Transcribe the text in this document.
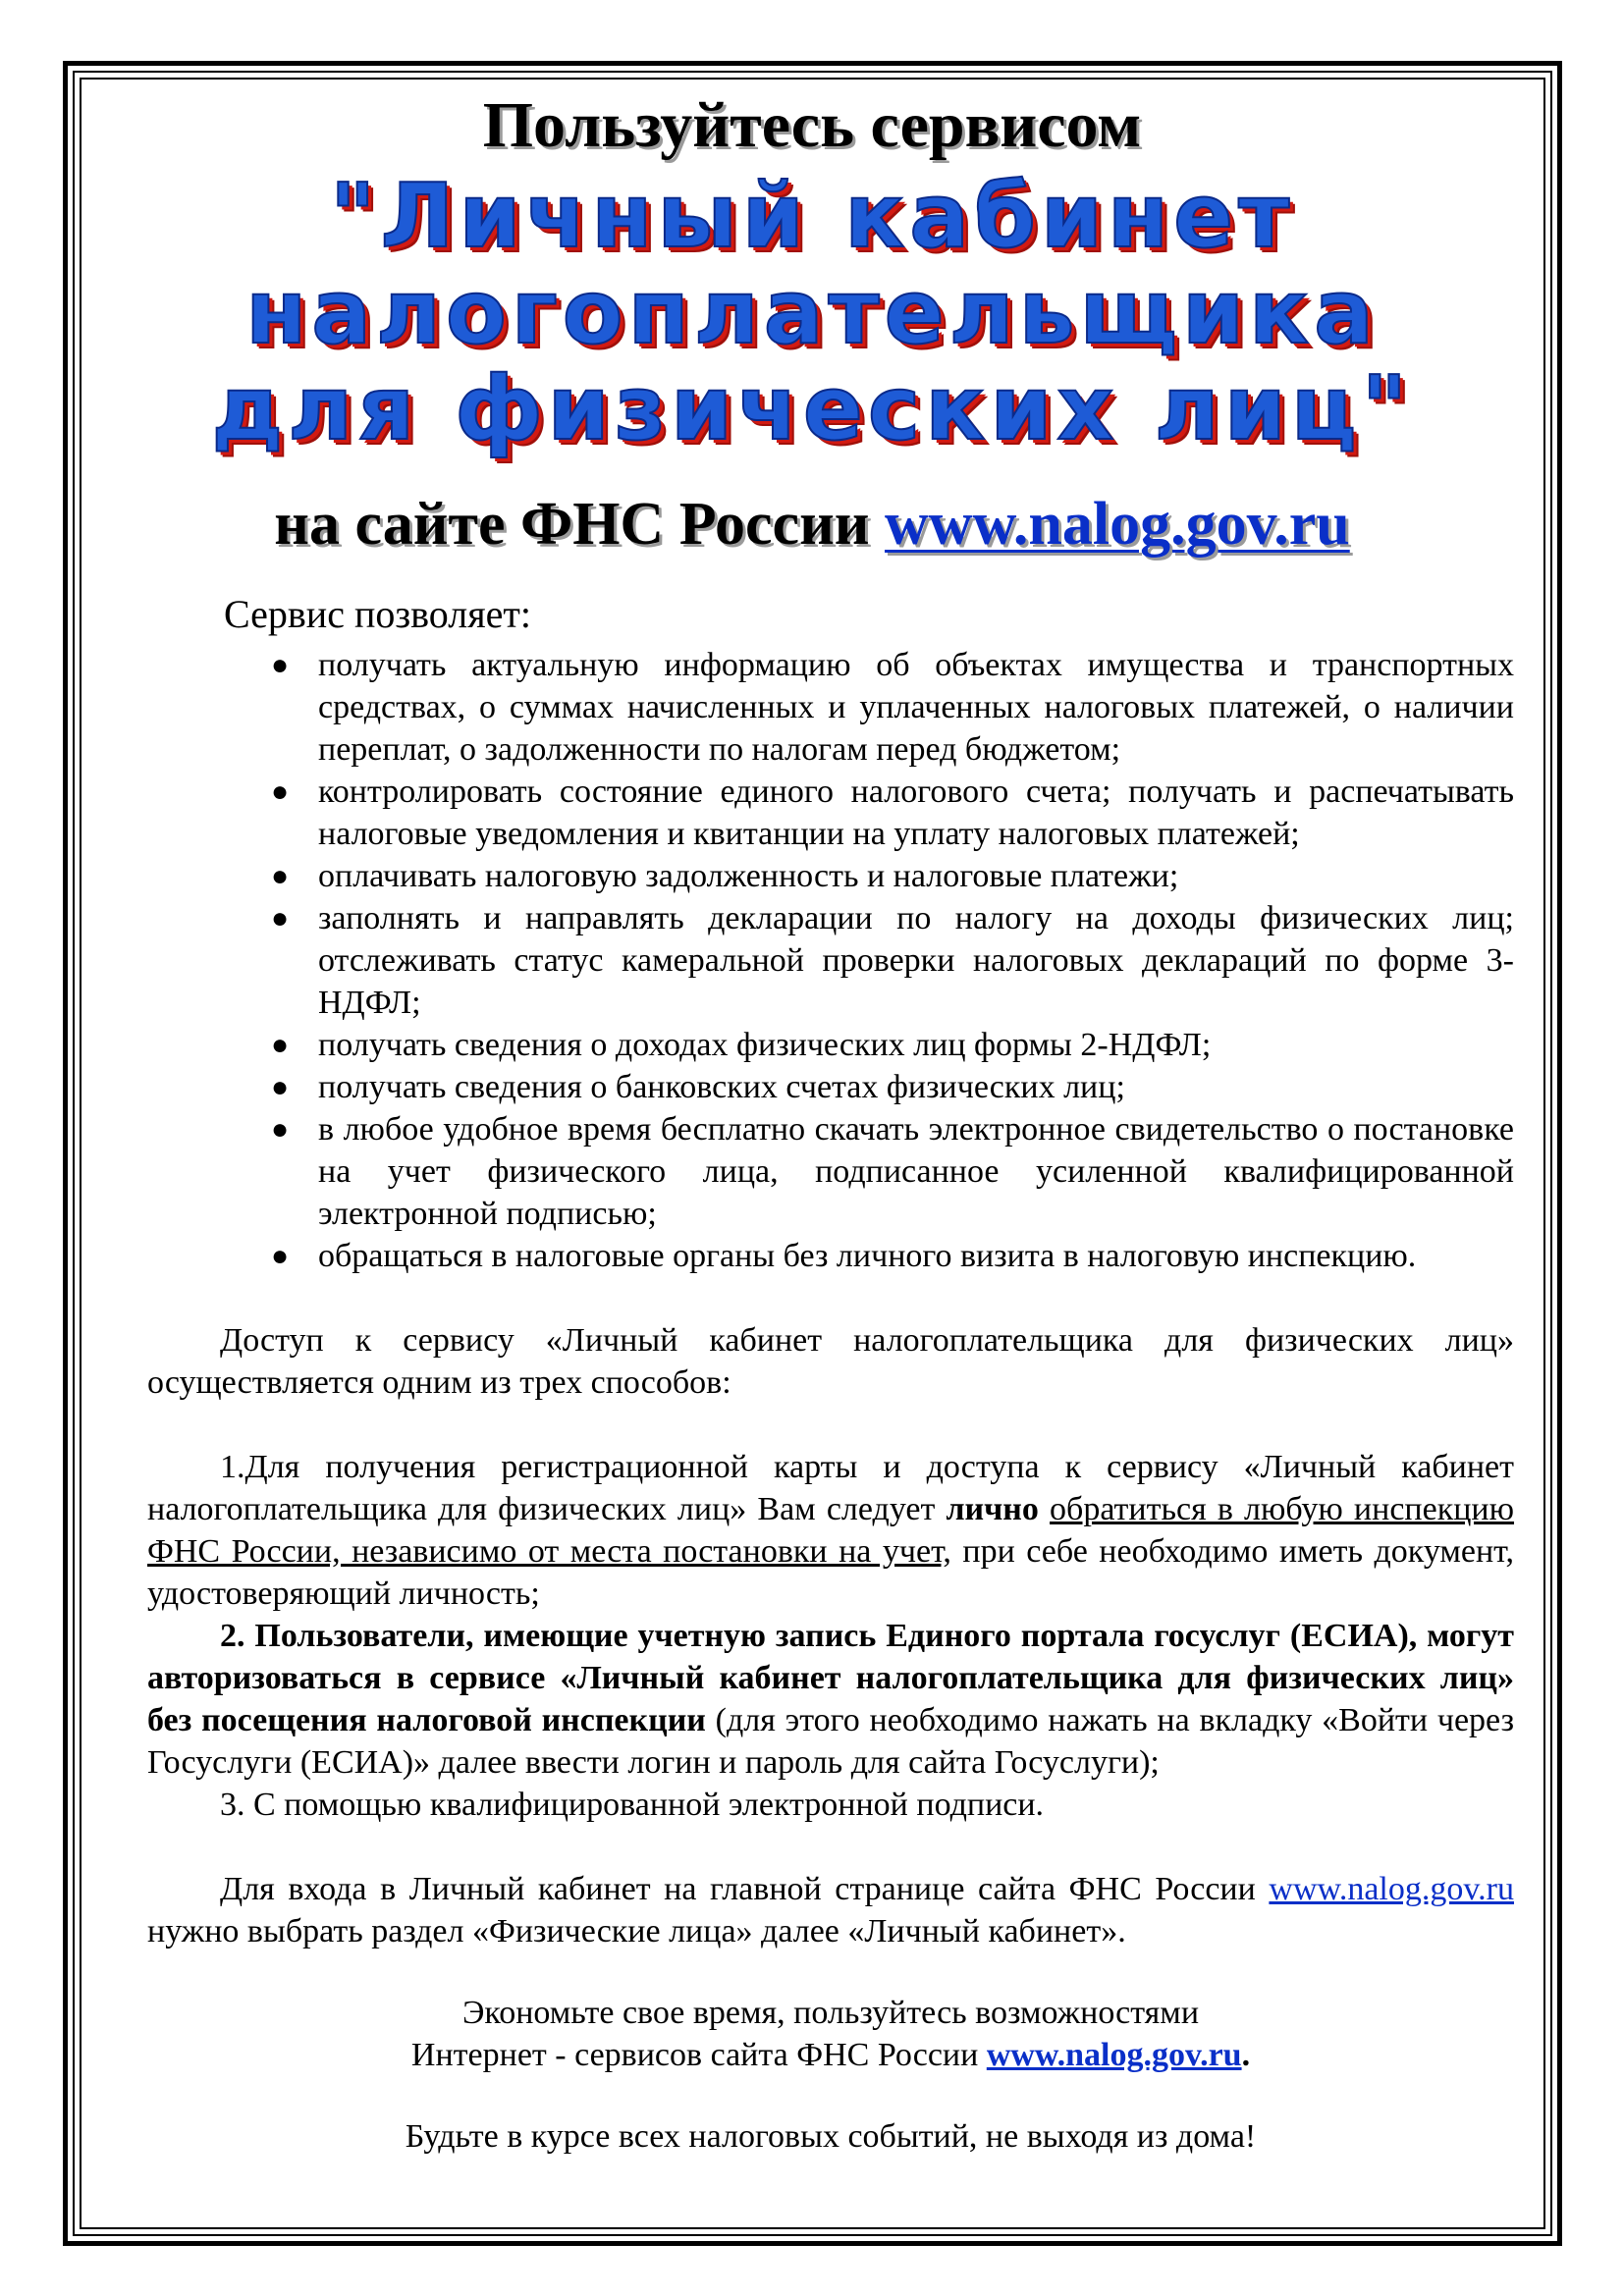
Пользуйтесь сервисом
"Личный кабинет
налогоплательщика
для физических лиц"
на сайте ФНС России www.nalog.gov.ru
Сервис позволяет:
● получать актуальную информацию об объектах имущества и транспортных средствах, о суммах начисленных и уплаченных налоговых платежей, о наличии переплат, о задолженности по налогам перед бюджетом;
● контролировать состояние единого налогового счета; получать и распечатывать налоговые уведомления и квитанции на уплату налоговых платежей;
● оплачивать налоговую задолженность и налоговые платежи;
● заполнять и направлять декларации по налогу на доходы физических лиц; отслеживать статус камеральной проверки налоговых деклараций по форме 3-НДФЛ;
● получать сведения о доходах физических лиц формы 2-НДФЛ;
● получать сведения о банковских счетах физических лиц;
● в любое удобное время бесплатно скачать электронное свидетельство о постановке на учет физического лица, подписанное усиленной квалифицированной электронной подписью;
● обращаться в налоговые органы без личного визита в налоговую инспекцию.
Доступ к сервису «Личный кабинет налогоплательщика для физических лиц» осуществляется одним из трех способов:
1.Для получения регистрационной карты и доступа к сервису «Личный кабинет налогоплательщика для физических лиц» Вам следует лично обратиться в любую инспекцию ФНС России, независимо от места постановки на учет, при себе необходимо иметь документ, удостоверяющий личность;
2. Пользователи, имеющие учетную запись Единого портала госуслуг (ЕСИА), могут авторизоваться в сервисе «Личный кабинет налогоплательщика для физических лиц» без посещения налоговой инспекции (для этого необходимо нажать на вкладку «Войти через Госуслуги (ЕСИА)» далее ввести логин и пароль для сайта Госуслуги);
3. С помощью квалифицированной электронной подписи.
Для входа в Личный кабинет на главной странице сайта ФНС России www.nalog.gov.ru нужно выбрать раздел «Физические лица» далее «Личный кабинет».
Экономьте свое время, пользуйтесь возможностями
Интернет - сервисов сайта ФНС России www.nalog.gov.ru.
Будьте в курсе всех налоговых событий, не выходя из дома!
